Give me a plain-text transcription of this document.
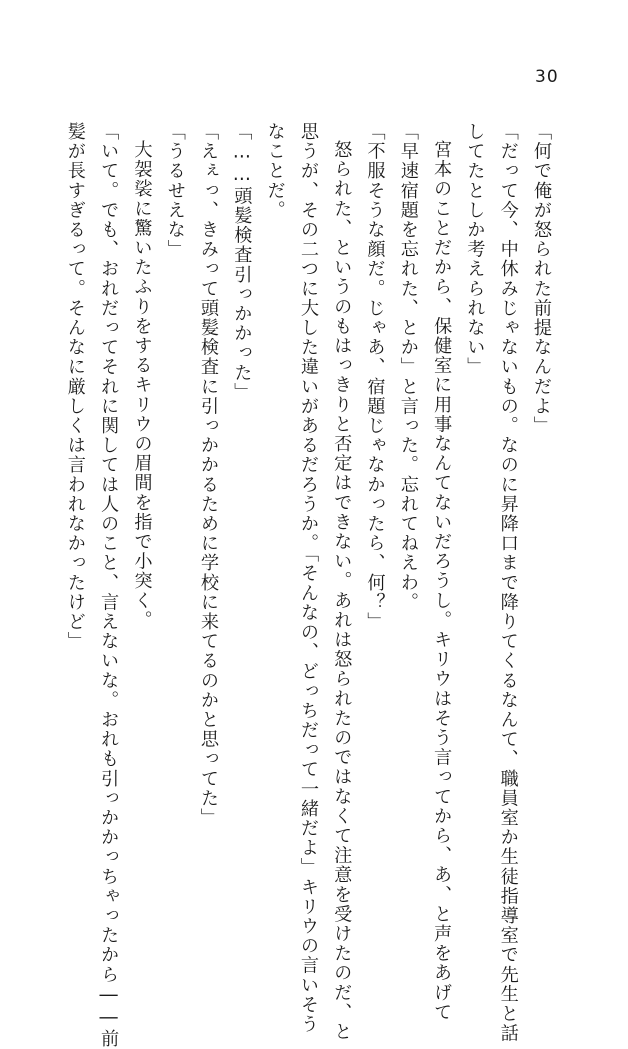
30
「何で俺が怒られた前提なんだよ」
「だって今、中休みじゃないもの。なのに昇降口まで降りてくるなんて、職員室か生徒指導室で先生と話
してたとしか考えられない」
宮本のことだから、保健室に用事なんてないだろうし。キリウはそう言ってから、あ、と声をあげて
「早速宿題を忘れた、とか」と言った。忘れてねえわ。
「不服そうな顔だ。じゃあ、宿題じゃなかったら、何？」
怒られた、というのもはっきりと否定はできない。あれは怒られたのではなくて注意を受けたのだ、と
思うが、その二つに大した違いがあるだろうか。「そんなの、どっちだって一緒だよ」キリウの言いそう
なことだ。
「……頭髪検査引っかかった」
「えぇっ、きみって頭髪検査に引っかかるために学校に来てるのかと思ってた」
「うるせえな」
大袈裟に驚いたふりをするキリウの眉間を指で小突く。
「いて。でも、おれだってそれに関しては人のこと、言えないな。おれも引っかかっちゃったから――前
髪が長すぎるって。そんなに厳しくは言われなかったけど」
